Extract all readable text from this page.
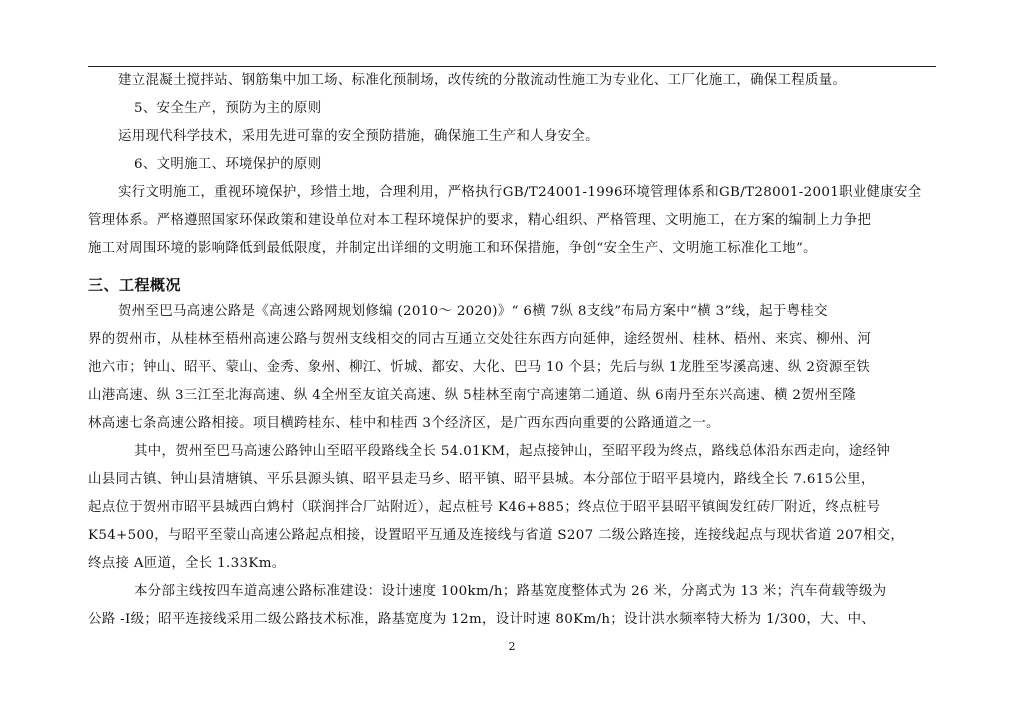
建立混凝土搅拌站、钢筋集中加工场、标准化预制场，改传统的分散流动性施工为专业化、工厂化施工，确保工程质量。
5、安全生产，预防为主的原则
运用现代科学技术，采用先进可靠的安全预防措施，确保施工生产和人身安全。
6、文明施工、环境保护的原则
实行文明施工，重视环境保护，珍惜土地，合理利用，严格执行GB/T24001-1996环境管理体系和GB/T28001-2001职业健康安全
管理体系。严格遵照国家环保政策和建设单位对本工程环境保护的要求，精心组织、严格管理、文明施工，在方案的编制上力争把
施工对周围环境的影响降低到最低限度，并制定出详细的文明施工和环保措施，争创“安全生产、文明施工标准化工地”。
三、工程概况
贺州至巴马高速公路是《高速公路网规划修编 (2010～ 2020)》“ 6横 7纵 8支线”布局方案中“横 3”线，起于粤桂交
界的贺州市，从桂林至梧州高速公路与贺州支线相交的同古互通立交处往东西方向延伸，途经贺州、桂林、梧州、来宾、柳州、河
池六市；钟山、昭平、蒙山、金秀、象州、柳江、忻城、都安、大化、巴马 10 个县；先后与纵 1龙胜至岑溪高速、纵 2资源至铁
山港高速、纵 3三江至北海高速、纵 4全州至友谊关高速、纵 5桂林至南宁高速第二通道、纵 6南丹至东兴高速、横 2贺州至隆
林高速七条高速公路相接。项目横跨桂东、桂中和桂西 3个经济区，是广西东西向重要的公路通道之一。
其中，贺州至巴马高速公路钟山至昭平段路线全长 54.01KM，起点接钟山，至昭平段为终点，路线总体沿东西走向，途经钟
山县同古镇、钟山县清塘镇、平乐县源头镇、昭平县走马乡、昭平镇、昭平县城。本分部位于昭平县境内，路线全长 7.615公里，
起点位于贺州市昭平县城西白鸩村（联润拌合厂站附近），起点桩号 K46+885；终点位于昭平县昭平镇闽发红砖厂附近，终点桩号
K54+500，与昭平至蒙山高速公路起点相接，设置昭平互通及连接线与省道 S207 二级公路连接，连接线起点与现状省道 207相交，
终点接 A匝道，全长 1.33Km。
本分部主线按四车道高速公路标准建设：设计速度 100km/h；路基宽度整体式为 26 米，分离式为 13 米；汽车荷载等级为
公路 -I级；昭平连接线采用二级公路技术标准，路基宽度为 12m，设计时速 80Km/h；设计洪水频率特大桥为 1/300，大、中、
2
